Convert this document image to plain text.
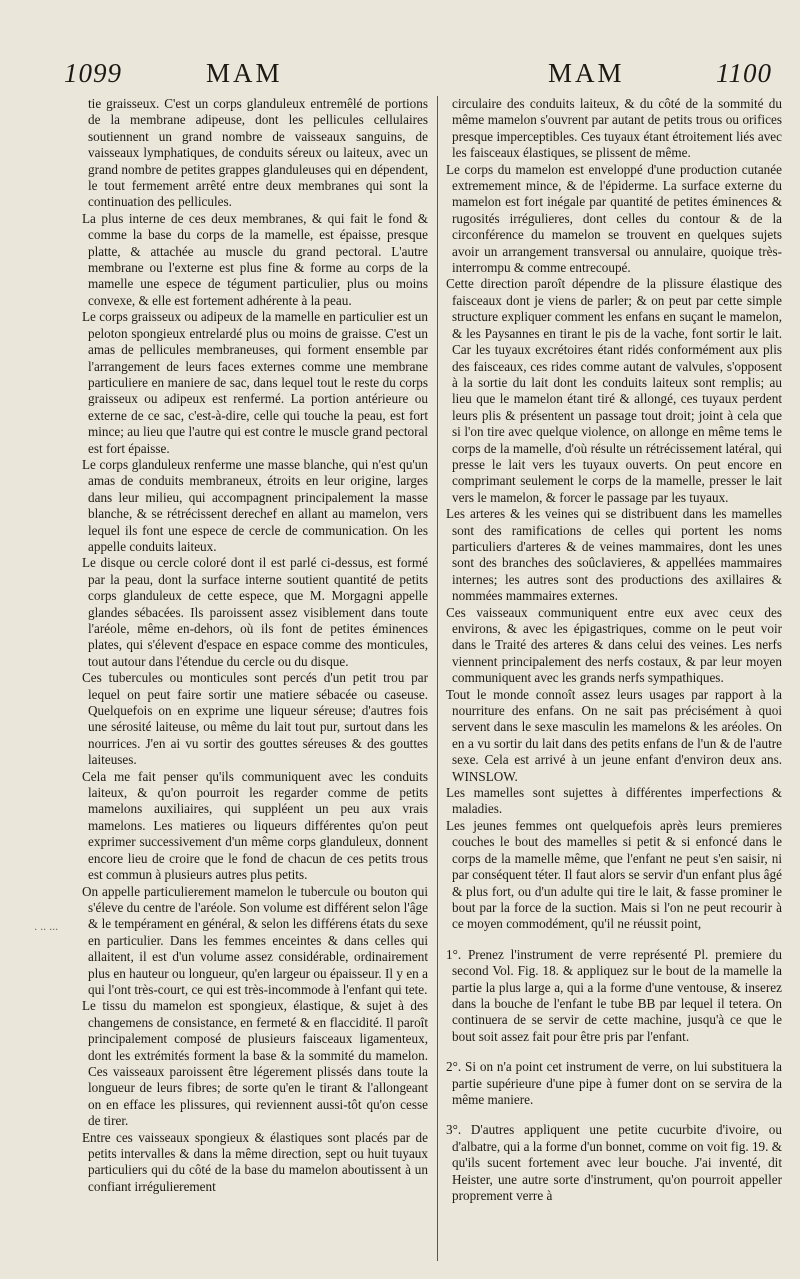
1099	MAM	MAM	1100
· ·· ···

tie graisseux. C'est un corps glanduleux entremêlé de portions de la membrane adipeuse, dont les pellicules cellulaires soutiennent un grand nombre de vaisseaux sanguins, de vaisseaux lymphatiques, de conduits séreux ou laiteux, avec un grand nombre de petites grappes glanduleuses qui en dépendent, le tout fermement arrêté entre deux membranes qui sont la continuation des pellicules.

La plus interne de ces deux membranes, & qui fait le fond & comme la base du corps de la mamelle, est épaisse, presque platte, & attachée au muscle du grand pectoral. L'autre membrane ou l'externe est plus fine & forme au corps de la mamelle une espece de tégument particulier, plus ou moins convexe, & elle est fortement adhérente à la peau.

Le corps graisseux ou adipeux de la mamelle en particulier est un peloton spongieux entrelardé plus ou moins de graisse. C'est un amas de pellicules membraneuses, qui forment ensemble par l'arrangement de leurs faces externes comme une membrane particuliere en maniere de sac, dans lequel tout le reste du corps graisseux ou adipeux est renfermé. La portion antérieure ou externe de ce sac, c'est-à-dire, celle qui touche la peau, est fort mince; au lieu que l'autre qui est contre le muscle grand pectoral est fort épaisse.

Le corps glanduleux renferme une masse blanche, qui n'est qu'un amas de conduits membraneux, étroits en leur origine, larges dans leur milieu, qui accompagnent principalement la masse blanche, & se rétrécissent derechef en allant au mamelon, vers lequel ils font une espece de cercle de communication. On les appelle conduits laiteux.

Le disque ou cercle coloré dont il est parlé ci-dessus, est formé par la peau, dont la surface interne soutient quantité de petits corps glanduleux de cette espece, que M. Morgagni appelle glandes sébacées. Ils paroissent assez visiblement dans toute l'aréole, même en-dehors, où ils font de petites éminences plates, qui s'élevent d'espace en espace comme des monticules, tout autour dans l'étendue du cercle ou du disque.

Ces tubercules ou monticules sont percés d'un petit trou par lequel on peut faire sortir une matiere sébacée ou caseuse. Quelquefois on en exprime une liqueur séreuse; d'autres fois une sérosité laiteuse, ou même du lait tout pur, surtout dans les nourrices. J'en ai vu sortir des gouttes séreuses & des gouttes laiteuses.

Cela me fait penser qu'ils communiquent avec les conduits laiteux, & qu'on pourroit les regarder comme de petits mamelons auxiliaires, qui suppléent un peu aux vrais mamelons. Les matieres ou liqueurs différentes qu'on peut exprimer successivement d'un même corps glanduleux, donnent encore lieu de croire que le fond de chacun de ces petits trous est commun à plusieurs autres plus petits.

On appelle particulierement mamelon le tubercule ou bouton qui s'éleve du centre de l'aréole. Son volume est différent selon l'âge & le tempérament en général, & selon les différens états du sexe en particulier. Dans les femmes enceintes & dans celles qui allaitent, il est d'un volume assez considérable, ordinairement plus en hauteur ou longueur, qu'en largeur ou épaisseur. Il y en a qui l'ont très-court, ce qui est très-incommode à l'enfant qui tete.

Le tissu du mamelon est spongieux, élastique, & sujet à des changemens de consistance, en fermeté & en flaccidité. Il paroît principalement composé de plusieurs faisceaux ligamenteux, dont les extrémités forment la base & la sommité du mamelon. Ces vaisseaux paroissent être légerement plissés dans toute la longueur de leurs fibres; de sorte qu'en le tirant & l'allongeant on en efface les plissures, qui reviennent aussi-tôt qu'on cesse de tirer.

Entre ces vaisseaux spongieux & élastiques sont placés par de petits intervalles & dans la même direction, sept ou huit tuyaux particuliers qui du côté de la base du mamelon aboutissent à un confiant irrégulierement

circulaire des conduits laiteux, & du côté de la sommité du même mamelon s'ouvrent par autant de petits trous ou orifices presque imperceptibles. Ces tuyaux étant étroitement liés avec les faisceaux élastiques, se plissent de même.

Le corps du mamelon est enveloppé d'une production cutanée extremement mince, & de l'épiderme. La surface externe du mamelon est fort inégale par quantité de petites éminences & rugosités irrégulieres, dont celles du contour & de la circonférence du mamelon se trouvent en quelques sujets avoir un arrangement transversal ou annulaire, quoique très-interrompu & comme entrecoupé.

Cette direction paroît dépendre de la plissure élastique des faisceaux dont je viens de parler; & on peut par cette simple structure expliquer comment les enfans en suçant le mamelon, & les Paysannes en tirant le pis de la vache, font sortir le lait. Car les tuyaux excrétoires étant ridés conformément aux plis des faisceaux, ces rides comme autant de valvules, s'opposent à la sortie du lait dont les conduits laiteux sont remplis; au lieu que le mamelon étant tiré & allongé, ces tuyaux perdent leurs plis & présentent un passage tout droit; joint à cela que si l'on tire avec quelque violence, on allonge en même tems le corps de la mamelle, d'où résulte un rétrécissement latéral, qui presse le lait vers les tuyaux ouverts. On peut encore en comprimant seulement le corps de la mamelle, presser le lait vers le mamelon, & forcer le passage par les tuyaux.

Les arteres & les veines qui se distribuent dans les mamelles sont des ramifications de celles qui portent les noms particuliers d'arteres & de veines mammaires, dont les unes sont des branches des soûclavieres, & appellées mammaires internes; les autres sont des productions des axillaires & nommées mammaires externes.

Ces vaisseaux communiquent entre eux avec ceux des environs, & avec les épigastriques, comme on le peut voir dans le Traité des arteres & dans celui des veines. Les nerfs viennent principalement des nerfs costaux, & par leur moyen communiquent avec les grands nerfs sympathiques.

Tout le monde connoît assez leurs usages par rapport à la nourriture des enfans. On ne sait pas précisément à quoi servent dans le sexe masculin les mamelons & les aréoles. On en a vu sortir du lait dans des petits enfans de l'un & de l'autre sexe. Cela est arrivé à un jeune enfant d'environ deux ans. WINSLOW.

Les mamelles sont sujettes à différentes imperfections & maladies.

Les jeunes femmes ont quelquefois après leurs premieres couches le bout des mamelles si petit & si enfoncé dans le corps de la mamelle même, que l'enfant ne peut s'en saisir, ni par conséquent téter. Il faut alors se servir d'un enfant plus âgé & plus fort, ou d'un adulte qui tire le lait, & fasse prominer le bout par la force de la suction. Mais si l'on ne peut recourir à ce moyen commodément, qu'il ne réussit point,

1°. Prenez l'instrument de verre représenté Pl. premiere du second Vol. Fig. 18. & appliquez sur le bout de la mamelle la partie la plus large a, qui a la forme d'une ventouse, & inserez dans la bouche de l'enfant le tube BB par lequel il tetera. On continuera de se servir de cette machine, jusqu'à ce que le bout soit assez fait pour être pris par l'enfant.

2°. Si on n'a point cet instrument de verre, on lui substituera la partie supérieure d'une pipe à fumer dont on se servira de la même maniere.

3°. D'autres appliquent une petite cucurbite d'ivoire, ou d'albatre, qui a la forme d'un bonnet, comme on voit fig. 19. & qu'ils sucent fortement avec leur bouche. J'ai inventé, dit Heister, une autre sorte d'instrument, qu'on pourroit appeller proprement verre à
